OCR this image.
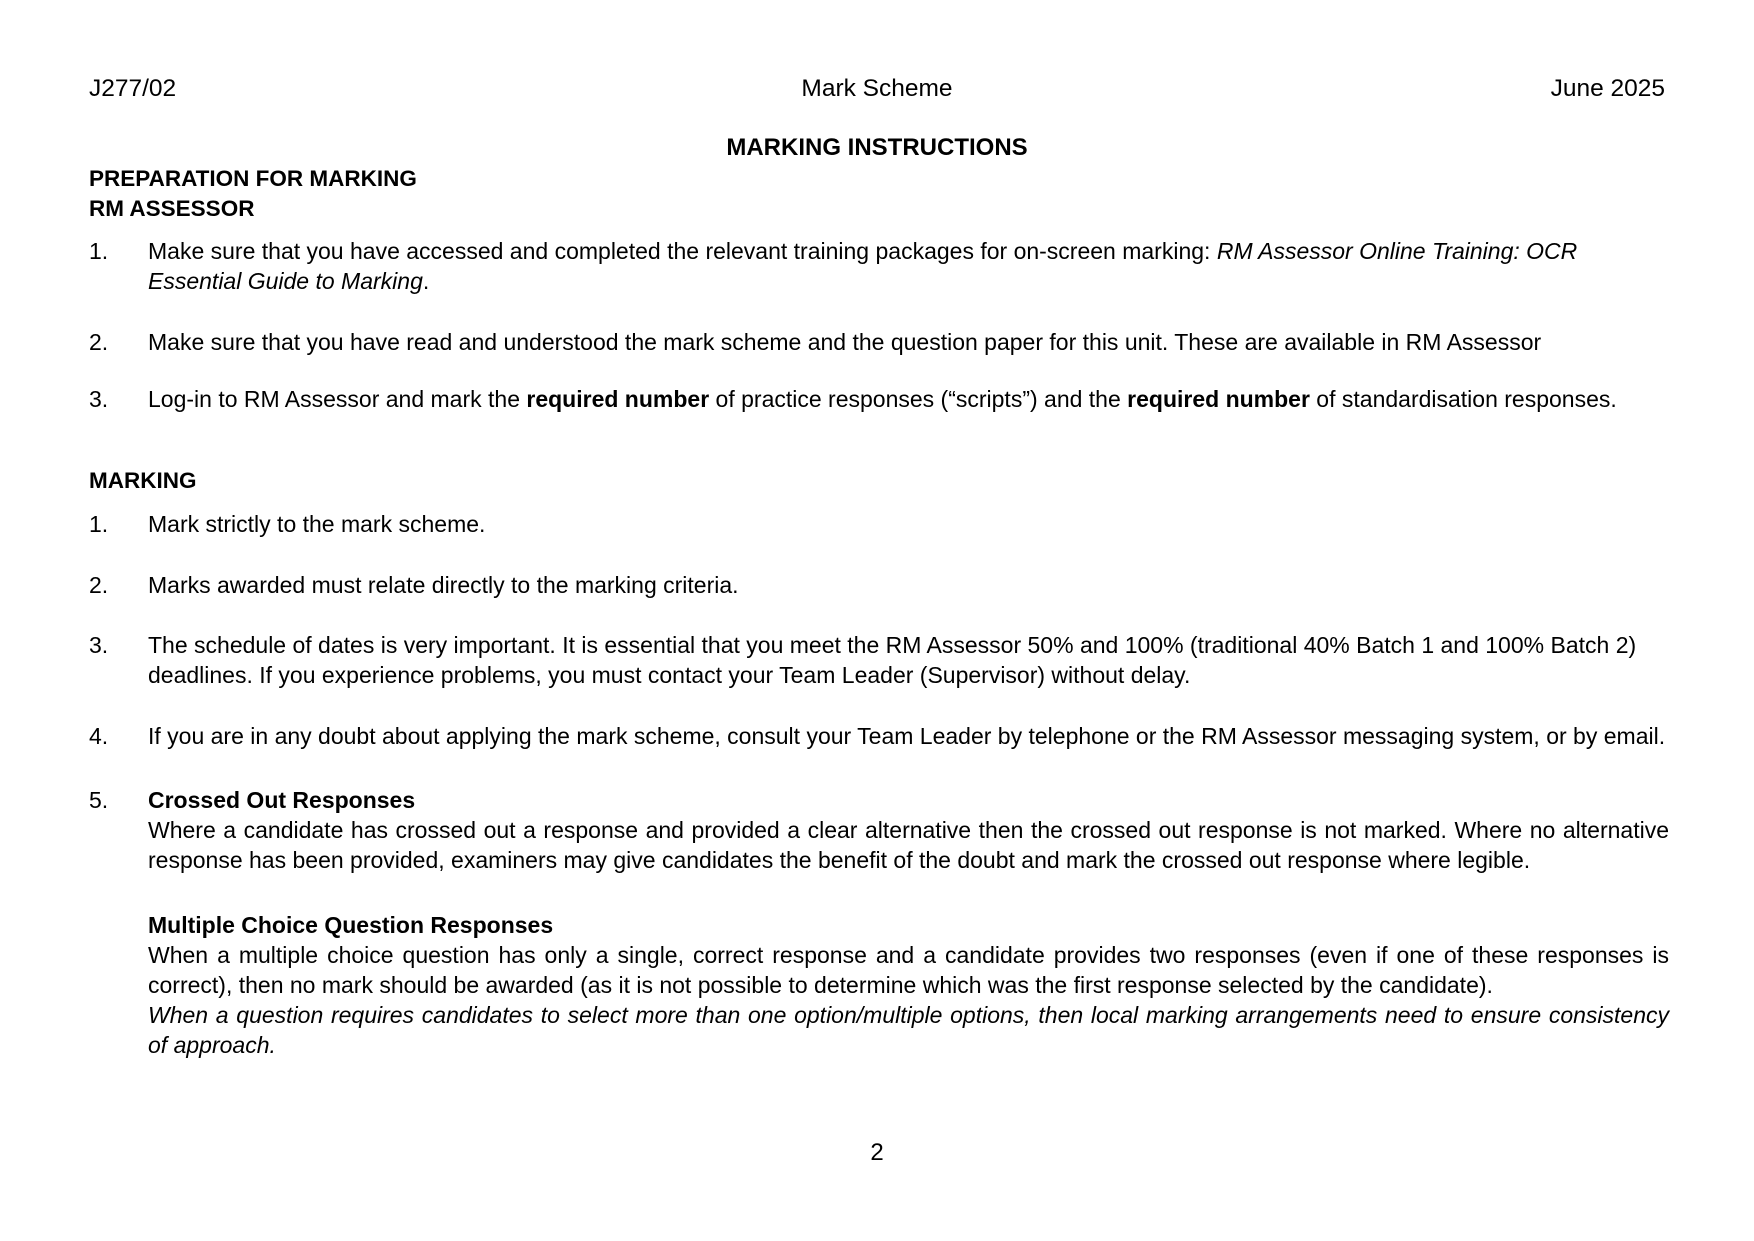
J277/02	Mark Scheme	June 2025
MARKING INSTRUCTIONS
PREPARATION FOR MARKING
RM ASSESSOR
1. Make sure that you have accessed and completed the relevant training packages for on-screen marking: RM Assessor Online Training: OCR Essential Guide to Marking.
2. Make sure that you have read and understood the mark scheme and the question paper for this unit. These are available in RM Assessor
3. Log-in to RM Assessor and mark the required number of practice responses (“scripts”) and the required number of standardisation responses.
MARKING
1. Mark strictly to the mark scheme.
2. Marks awarded must relate directly to the marking criteria.
3. The schedule of dates is very important. It is essential that you meet the RM Assessor 50% and 100% (traditional 40% Batch 1 and 100% Batch 2) deadlines. If you experience problems, you must contact your Team Leader (Supervisor) without delay.
4. If you are in any doubt about applying the mark scheme, consult your Team Leader by telephone or the RM Assessor messaging system, or by email.
5. Crossed Out Responses
Where a candidate has crossed out a response and provided a clear alternative then the crossed out response is not marked. Where no alternative response has been provided, examiners may give candidates the benefit of the doubt and mark the crossed out response where legible.
Multiple Choice Question Responses
When a multiple choice question has only a single, correct response and a candidate provides two responses (even if one of these responses is correct), then no mark should be awarded (as it is not possible to determine which was the first response selected by the candidate).
When a question requires candidates to select more than one option/multiple options, then local marking arrangements need to ensure consistency of approach.
2
